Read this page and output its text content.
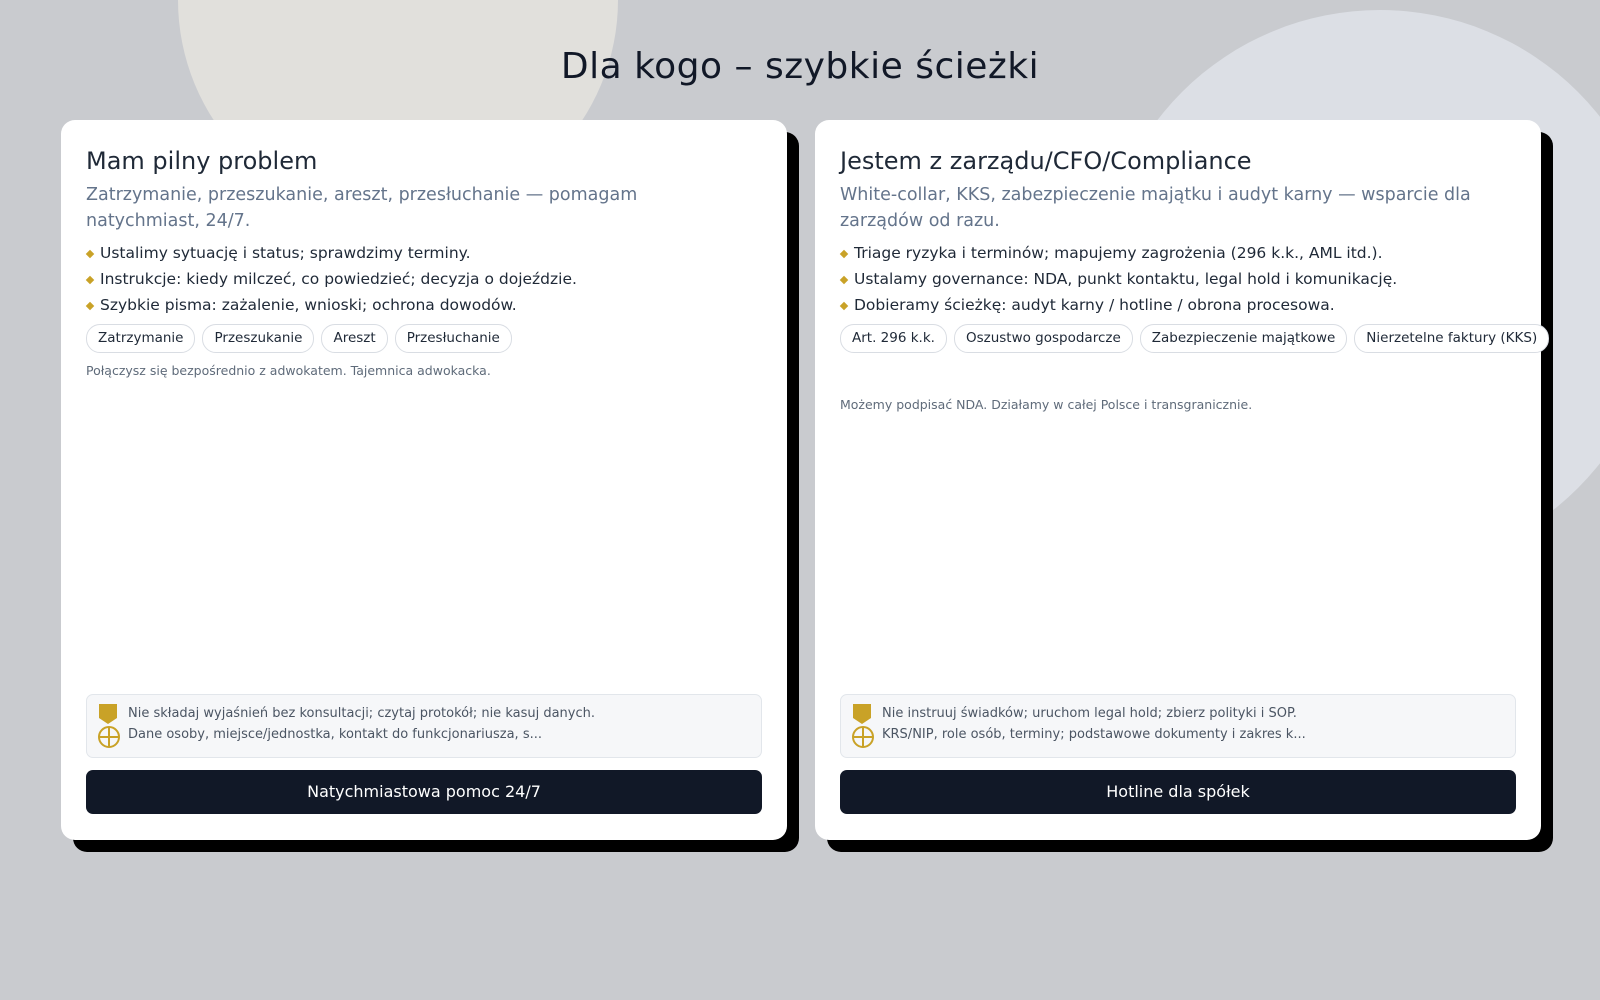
Dla kogo – szybkie ścieżki
Mam pilny problem

Zatrzymanie, przeszukanie, areszt, przesłuchanie — pomagam natychmiast, 24/7.

Ustalimy sytuację i status; sprawdzimy terminy.
Instrukcje: kiedy milczeć, co powiedzieć; decyzja o dojeździe.
Szybkie pisma: zażalenie, wnioski; ochrona dowodów.
Zatrzymanie	Przeszukanie	Areszt	Przesłuchanie

Połączysz się bezpośrednio z adwokatem. Tajemnica adwokacka.

Nie składaj wyjaśnień bez konsultacji; czytaj protokół; nie kasuj danych.
Dane osoby, miejsce/jednostka, kontakt do funkcjonariusza, s...
Natychmiastowa pomoc 24/7
Jestem z zarządu/CFO/Compliance

White-collar, KKS, zabezpieczenie majątku i audyt karny — wsparcie dla zarządów od razu.

Triage ryzyka i terminów; mapujemy zagrożenia (296 k.k., AML itd.).
Ustalamy governance: NDA, punkt kontaktu, legal hold i komunikację.
Dobieramy ścieżkę: audyt karny / hotline / obrona procesowa.
Art. 296 k.k.	Oszustwo gospodarcze	Zabezpieczenie majątkowe	Nierzetelne faktury (KKS)

Możemy podpisać NDA. Działamy w całej Polsce i transgranicznie.

Nie instruuj świadków; uruchom legal hold; zbierz polityki i SOP.
KRS/NIP, role osób, terminy; podstawowe dokumenty i zakres k...
Hotline dla spółek
